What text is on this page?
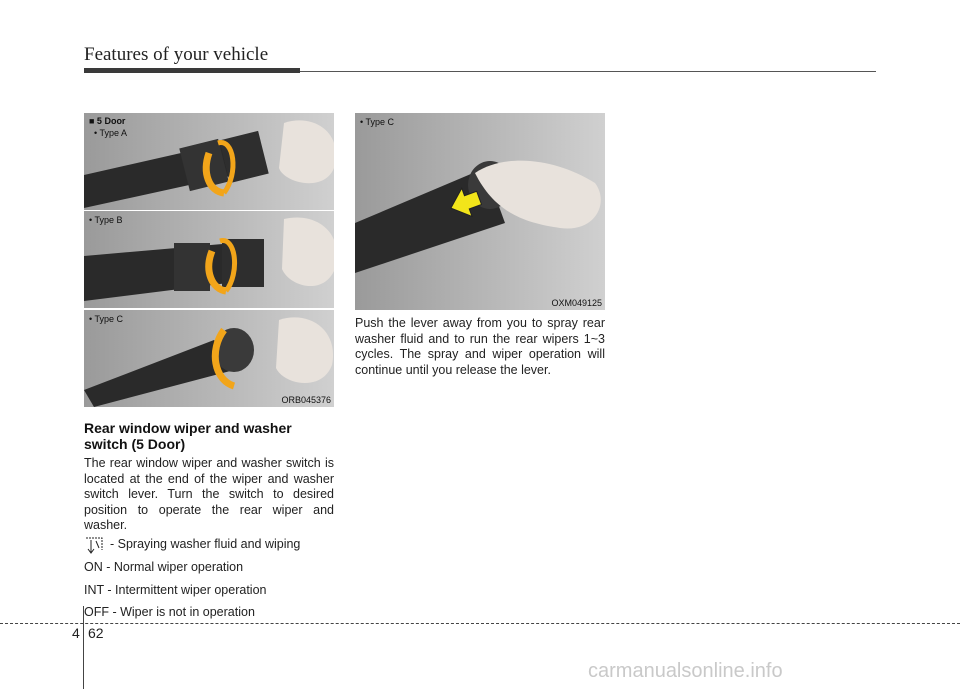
Features of your vehicle
■ 5 Door
• Type A
• Type B
• Type C
ORB045376
• Type C
OXM049125
Rear window wiper and washer
switch (5 Door)
The rear window wiper and washer switch is located at the end of the wiper and washer switch lever. Turn the switch to desired position to operate the rear wiper and washer.
- Spraying washer fluid and wiping
ON - Normal wiper operation
INT - Intermittent wiper operation
OFF - Wiper is not in operation
Push the lever away from you to spray rear washer fluid and to run the rear wipers 1~3 cycles. The spray and wiper operation will continue until you release the lever.
4 62
carmanualsonline.info
